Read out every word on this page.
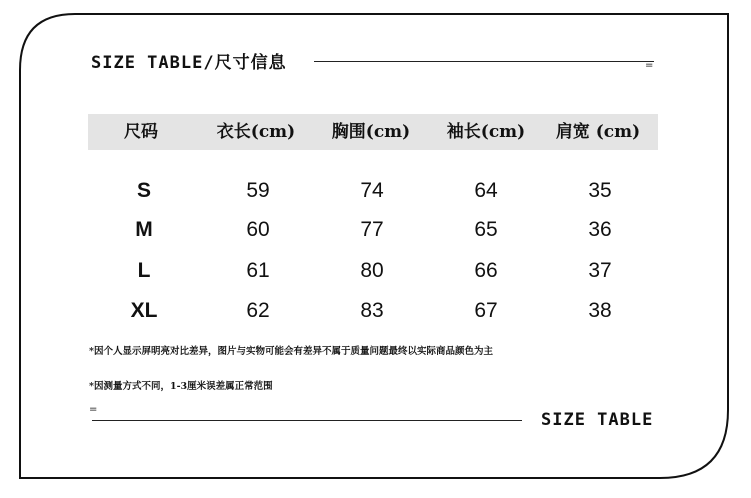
SIZE TABLE/尺寸信息	=
尺码	衣长(cm)	胸围(cm)	袖长(cm)	肩宽 (cm)
S	59	74	64	35
M	60	77	65	36
L	61	80	66	37
XL	62	83	67	38
*因个人显示屏明亮对比差异，图片与实物可能会有差异不属于质量问题最终以实际商品颜色为主
*因测量方式不同，1-3厘米误差属正常范围
=
SIZE TABLE
